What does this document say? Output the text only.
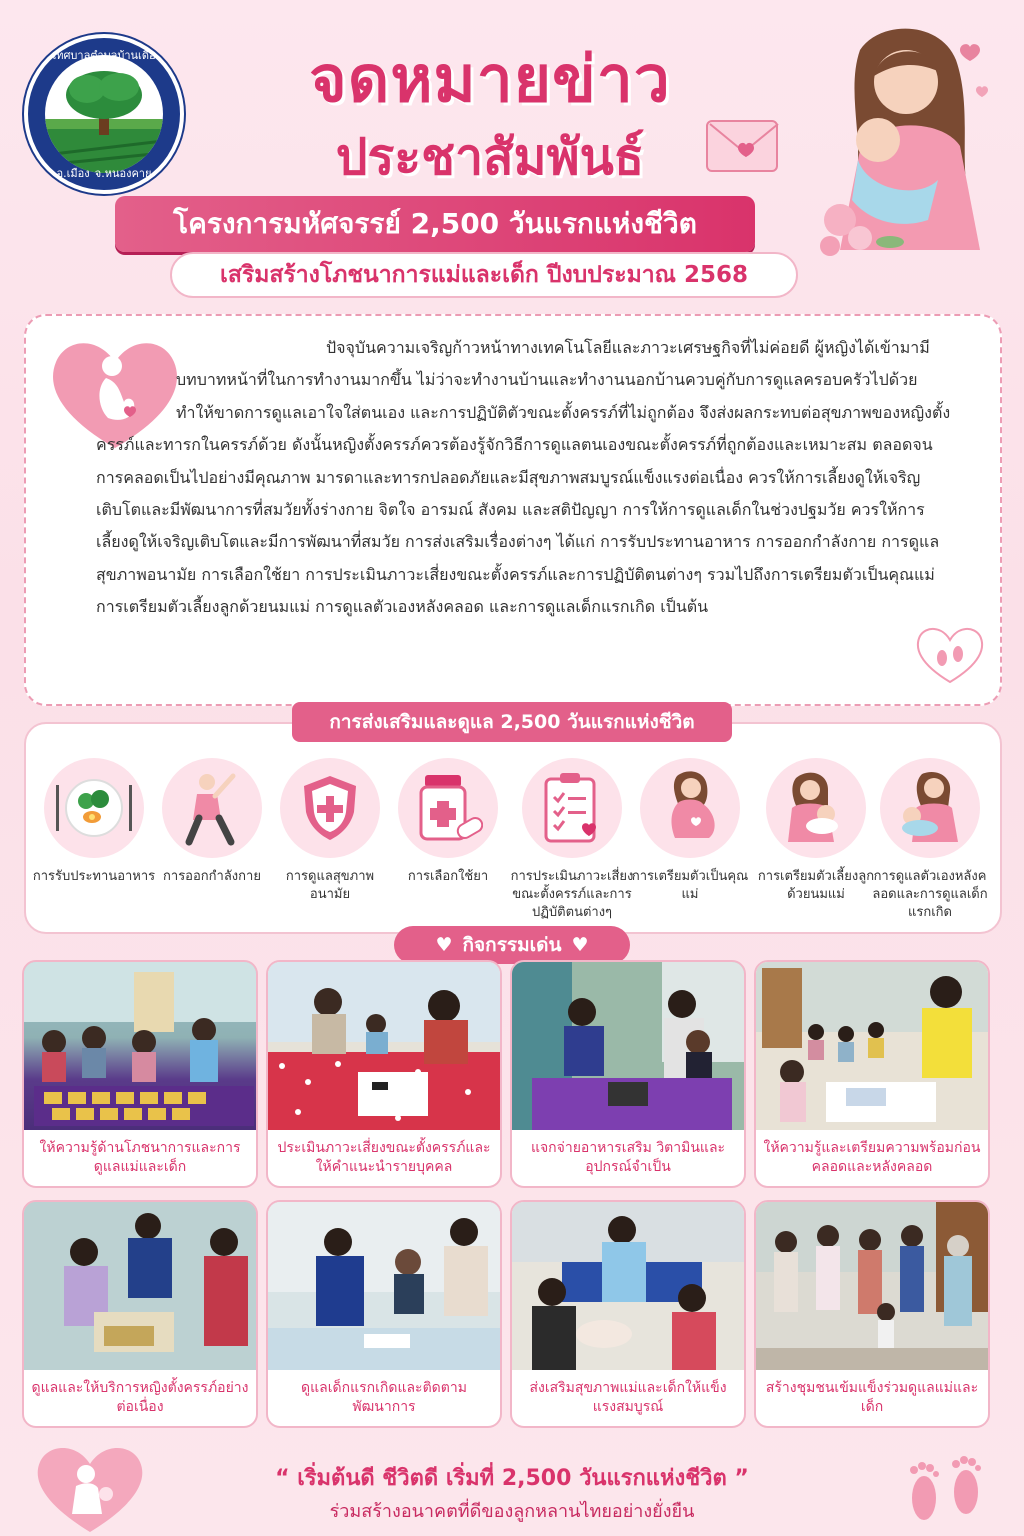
เทศบาลตำบลบ้านเดื่อ
อ.เมือง จ.หนองคาย
จดหมายข่าว
ประชาสัมพันธ์
โครงการมหัศจรรย์ 2,500 วันแรกแห่งชีวิต
เสริมสร้างโภชนาการแม่และเด็ก ปีงบประมาณ 2568
ปัจจุบันความเจริญก้าวหน้าทางเทคโนโลยีและภาวะเศรษฐกิจที่ไม่ค่อยดี ผู้หญิงได้เข้ามามีบทบาทหน้าที่ในการทำงานมากขึ้น ไม่ว่าจะทำงานบ้านและทำงานนอกบ้านควบคู่กับการดูแลครอบครัวไปด้วย ทำให้ขาดการดูแลเอาใจใส่ตนเอง และการปฏิบัติตัวขณะตั้งครรภ์ที่ไม่ถูกต้อง จึงส่งผลกระทบต่อสุขภาพของหญิงตั้งครรภ์และทารกในครรภ์ด้วย ดังนั้นหญิงตั้งครรภ์ควรต้องรู้จักวิธีการดูแลตนเองขณะตั้งครรภ์ที่ถูกต้องและเหมาะสม ตลอดจนการคลอดเป็นไปอย่างมีคุณภาพ มารดาและทารกปลอดภัยและมีสุขภาพสมบูรณ์แข็งแรงต่อเนื่อง ควรให้การเลี้ยงดูให้เจริญเติบโตและมีพัฒนาการที่สมวัยทั้งร่างกาย จิตใจ อารมณ์ สังคม และสติปัญญา การให้การดูแลเด็กในช่วงปฐมวัย ควรให้การเลี้ยงดูให้เจริญเติบโตและมีการพัฒนาที่สมวัย การส่งเสริมเรื่องต่างๆ ได้แก่ การรับประทานอาหาร การออกกำลังกาย การดูแลสุขภาพอนามัย การเลือกใช้ยา การประเมินภาวะเสี่ยงขณะตั้งครรภ์และการปฏิบัติตนต่างๆ รวมไปถึงการเตรียมตัวเป็นคุณแม่ การเตรียมตัวเลี้ยงลูกด้วยนมแม่ การดูแลตัวเองหลังคลอด และการดูแลเด็กแรกเกิด เป็นต้น
การส่งเสริมและดูแล 2,500 วันแรกแห่งชีวิต
การรับประทานอาหาร การออกกำลังกาย	การดูแลสุขภาพอนามัย
การเลือกใช้ยา	การประเมินภาวะเสี่ยงขณะตั้งครรภ์และการปฏิบัติตนต่างๆ
การเตรียมตัวเป็นคุณแม่
การเตรียมตัวเลี้ยงลูกด้วยนมแม่
การดูแลตัวเองหลังคลอดและการดูแลเด็กแรกเกิด
♥ กิจกรรมเด่น ♥
ให้ความรู้ด้านโภชนาการและการดูแลแม่และเด็ก
ประเมินภาวะเสี่ยงขณะตั้งครรภ์และให้คำแนะนำรายบุคคล
แจกจ่ายอาหารเสริม วิตามินและอุปกรณ์จำเป็น
ให้ความรู้และเตรียมความพร้อมก่อนคลอดและหลังคลอด
ดูแลและให้บริการหญิงตั้งครรภ์อย่างต่อเนื่อง
ดูแลเด็กแรกเกิดและติดตามพัฒนาการ
ส่งเสริมสุขภาพแม่และเด็กให้แข็งแรงสมบูรณ์
สร้างชุมชนเข้มแข็งร่วมดูแลแม่และเด็ก
“ เริ่มต้นดี ชีวิตดี เริ่มที่ 2,500 วันแรกแห่งชีวิต ”
ร่วมสร้างอนาคตที่ดีของลูกหลานไทยอย่างยั่งยืน
